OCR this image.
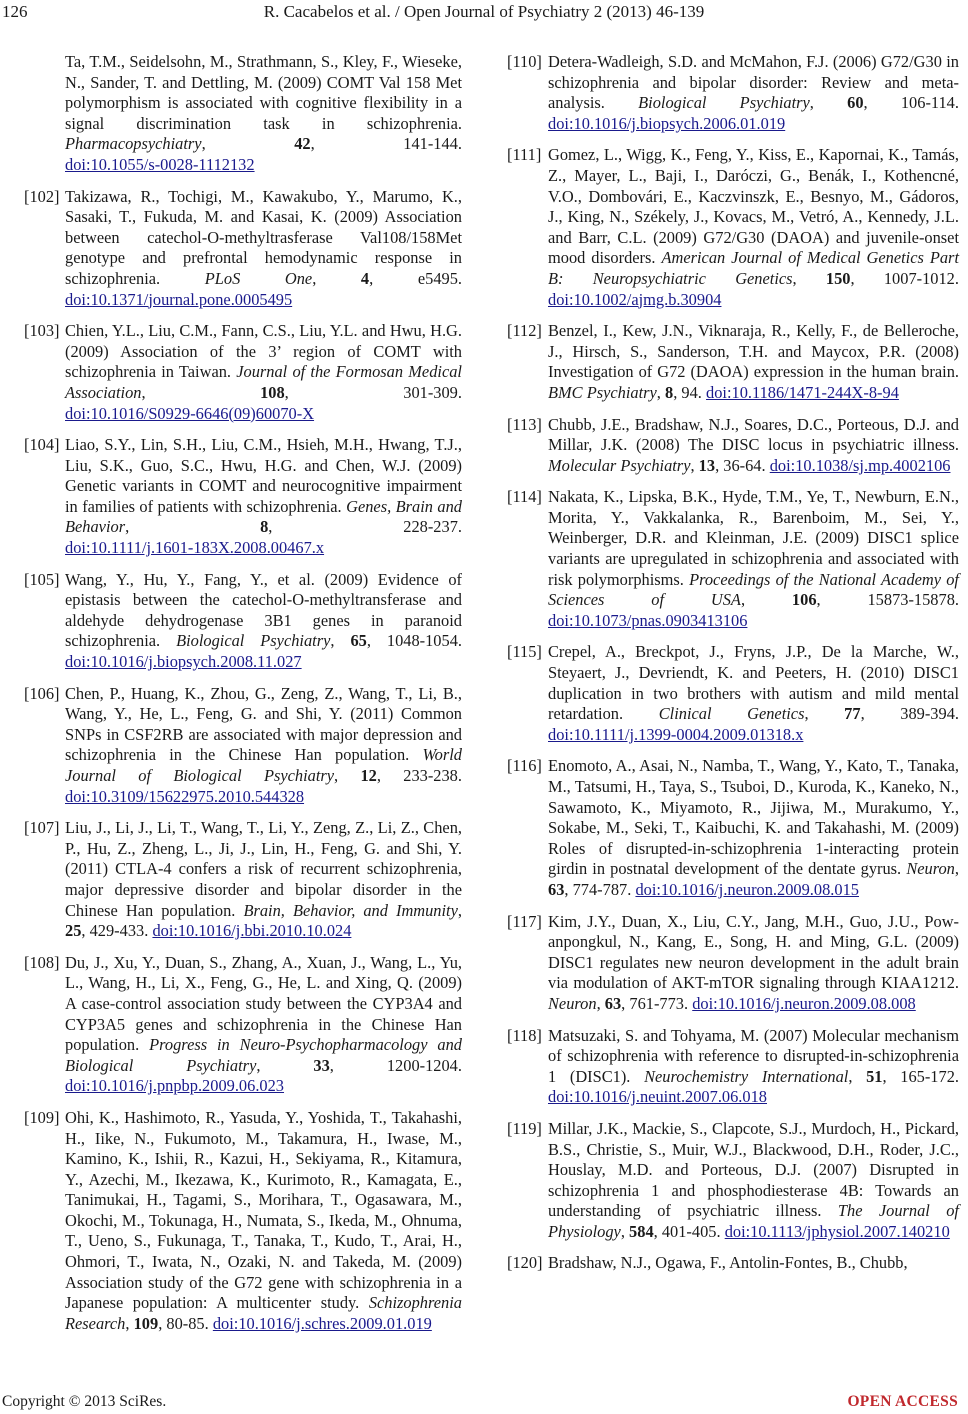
126	R. Cacabelos et al. / Open Journal of Psychiatry 2 (2013) 46-139
Ta, T.M., Seidelsohn, M., Strathmann, S., Kley, F., Wieseke, N., Sander, T. and Dettling, M. (2009) COMT Val 158 Met polymorphism is associated with cognitive flexibility in a signal discrimination task in schizophrenia. Pharmacopsychiatry, 42, 141-144. doi:10.1055/s-0028-1112132
[102] Takizawa, R., Tochigi, M., Kawakubo, Y., Marumo, K., Sasaki, T., Fukuda, M. and Kasai, K. (2009) Association between catechol-O-methyltrasferase Val108/158Met genotype and prefrontal hemodynamic response in schizophrenia.	PLoS One, 4, e5495. doi:10.1371/journal.pone.0005495
[103] Chien, Y.L., Liu, C.M., Fann, C.S., Liu, Y.L. and Hwu, H.G. (2009) Association of the 3’ region of COMT with schizophrenia in Taiwan. Journal of the Formosan Medical Association, 108, 301-309. doi:10.1016/S0929-6646(09)60070-X
[104] Liao, S.Y., Lin, S.H., Liu, C.M., Hsieh, M.H., Hwang, T.J., Liu, S.K., Guo, S.C., Hwu, H.G. and Chen, W.J. (2009) Genetic variants in COMT and neurocognitive impairment in families of patients with schizophrenia. Genes, Brain and Behavior, 8, 228-237. doi:10.1111/j.1601-183X.2008.00467.x
[105] Wang, Y., Hu, Y., Fang, Y., et al. (2009) Evidence of epistasis between the catechol-O-methyltransferase and aldehyde dehydrogenase 3B1 genes in paranoid schizophrenia. Biological Psychiatry, 65, 1048-1054. doi:10.1016/j.biopsych.2008.11.027
[106] Chen, P., Huang, K., Zhou, G., Zeng, Z., Wang, T., Li, B., Wang, Y., He, L., Feng, G. and Shi, Y. (2011) Common SNPs in CSF2RB are associated with major depression and schizophrenia in the Chinese Han population. World Journal of Biological Psychiatry, 12, 233-238. doi:10.3109/15622975.2010.544328
[107] Liu, J., Li, J., Li, T., Wang, T., Li, Y., Zeng, Z., Li, Z., Chen, P., Hu, Z., Zheng, L., Ji, J., Lin, H., Feng, G. and Shi, Y. (2011) CTLA-4 confers a risk of recurrent schizophrenia, major depressive disorder and bipolar disorder in the Chinese Han population. Brain, Behavior, and Immunity, 25, 429-433. doi:10.1016/j.bbi.2010.10.024
[108] Du, J., Xu, Y., Duan, S., Zhang, A., Xuan, J., Wang, L., Yu, L., Wang, H., Li, X., Feng, G., He, L. and Xing, Q. (2009) A case-control association study between the CYP3A4 and CYP3A5 genes and schizophrenia in the Chinese Han population. Progress in Neuro-Psychopharmacology and Biological Psychiatry, 33, 1200-1204. doi:10.1016/j.pnpbp.2009.06.023
[109] Ohi, K., Hashimoto, R., Yasuda, Y., Yoshida, T., Takahashi, H., Iike, N., Fukumoto, M., Takamura, H., Iwase, M., Kamino, K., Ishii, R., Kazui, H., Sekiyama, R., Kitamura, Y., Azechi, M., Ikezawa, K., Kurimoto, R., Kamagata, E., Tanimukai, H., Tagami, S., Morihara, T., Ogasawara, M., Okochi, M., Tokunaga, H., Numata, S., Ikeda, M., Ohnuma, T., Ueno, S., Fukunaga, T., Tanaka, T., Kudo, T., Arai, H., Ohmori, T., Iwata, N., Ozaki, N. and Takeda, M. (2009) Association study of the G72 gene with schizophrenia in a Japanese population: A multicenter study. Schizophrenia Research, 109, 80-85. doi:10.1016/j.schres.2009.01.019
[110] Detera-Wadleigh, S.D. and McMahon, F.J. (2006) G72/G30 in schizophrenia and bipolar disorder: Review and meta-analysis. Biological Psychiatry, 60, 106-114. doi:10.1016/j.biopsych.2006.01.019
[111] Gomez, L., Wigg, K., Feng, Y., Kiss, E., Kapornai, K., Tamás, Z., Mayer, L., Baji, I., Daróczi, G., Benák, I., Kothencné, V.O., Dombovári, E., Kaczvinszk, E., Besnyo, M., Gádoros, J., King, N., Székely, J., Kovacs, M., Vetró, A., Kennedy, J.L. and Barr, C.L. (2009) G72/G30 (DAOA) and juvenile-onset mood disorders. American Journal of Medical Genetics Part B: Neuropsychiatric Genetics, 150, 1007-1012. doi:10.1002/ajmg.b.30904
[112] Benzel, I., Kew, J.N., Viknaraja, R., Kelly, F., de Belleroche, J., Hirsch, S., Sanderson, T.H. and Maycox, P.R. (2008) Investigation of G72 (DAOA) expression in the human brain. BMC Psychiatry, 8, 94. doi:10.1186/1471-244X-8-94
[113] Chubb, J.E., Bradshaw, N.J., Soares, D.C., Porteous, D.J. and Millar, J.K. (2008) The DISC locus in psychiatric illness. Molecular Psychiatry, 13, 36-64. doi:10.1038/sj.mp.4002106
[114] Nakata, K., Lipska, B.K., Hyde, T.M., Ye, T., Newburn, E.N., Morita, Y., Vakkalanka, R., Barenboim, M., Sei, Y., Weinberger, D.R. and Kleinman, J.E. (2009) DISC1 splice variants are upregulated in schizophrenia and associated with risk polymorphisms. Proceedings of the National Academy of Sciences of USA, 106, 15873-15878. doi:10.1073/pnas.0903413106
[115] Crepel, A., Breckpot, J., Fryns, J.P., De la Marche, W., Steyaert, J., Devriendt, K. and Peeters, H. (2010) DISC1 duplication in two brothers with autism and mild mental retardation. Clinical Genetics, 77, 389-394. doi:10.1111/j.1399-0004.2009.01318.x
[116] Enomoto, A., Asai, N., Namba, T., Wang, Y., Kato, T., Tanaka, M., Tatsumi, H., Taya, S., Tsuboi, D., Kuroda, K., Kaneko, N., Sawamoto, K., Miyamoto, R., Jijiwa, M., Murakumo, Y., Sokabe, M., Seki, T., Kaibuchi, K. and Takahashi, M. (2009) Roles of disrupted-in-schizophrenia 1-interacting protein girdin in postnatal development of the dentate gyrus. Neuron, 63, 774-787. doi:10.1016/j.neuron.2009.08.015
[117] Kim, J.Y., Duan, X., Liu, C.Y., Jang, M.H., Guo, J.U., Pow-anpongkul, N., Kang, E., Song, H. and Ming, G.L. (2009) DISC1 regulates new neuron development in the adult brain via modulation of AKT-mTOR signaling through KIAA1212. Neuron, 63, 761-773. doi:10.1016/j.neuron.2009.08.008
[118] Matsuzaki, S. and Tohyama, M. (2007) Molecular mechanism of schizophrenia with reference to disrupted-in-schizophrenia 1 (DISC1). Neurochemistry International, 51, 165-172. doi:10.1016/j.neuint.2007.06.018
[119] Millar, J.K., Mackie, S., Clapcote, S.J., Murdoch, H., Pickard, B.S., Christie, S., Muir, W.J., Blackwood, D.H., Roder, J.C., Houslay, M.D. and Porteous, D.J. (2007) Disrupted in schizophrenia 1 and phosphodiesterase 4B: Towards an understanding of psychiatric illness. The Journal of Physiology, 584, 401-405. doi:10.1113/jphysiol.2007.140210
[120] Bradshaw, N.J., Ogawa, F., Antolin-Fontes, B., Chubb,
Copyright © 2013 SciRes.	OPEN ACCESS
